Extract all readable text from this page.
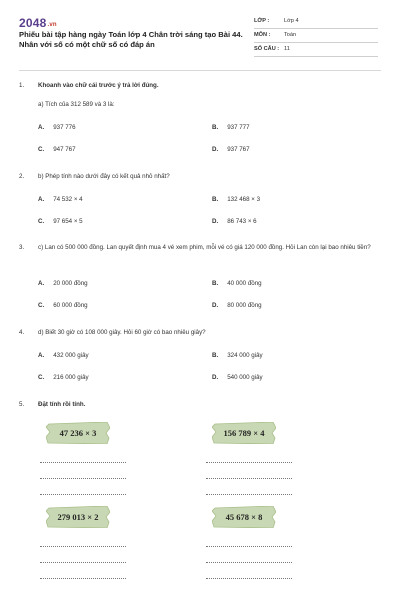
2048.vn
Phiếu bài tập hàng ngày Toán lớp 4 Chân trời sáng tạo Bài 44. Nhân với số có một chữ số có đáp án
LỚP :	Lớp 4
MÔN : Toán
SỐ CÂU : 11
1. Khoanh vào chữ cái trước ý trả lời đúng.
a) Tích của 312 589 và 3 là:
A. 937 776	B. 937 777
C. 947 767	D. 937 767
2. b) Phép tính nào dưới đây có kết quả nhỏ nhất?
A. 74 532 × 4	B. 132 468 × 3
C. 97 654 × 5	D. 86 743 × 6
3. c) Lan có 500 000 đồng. Lan quyết định mua 4 vé xem phim, mỗi vé có giá 120 000 đồng. Hỏi Lan còn lại bao nhiêu tiền?
A. 20 000 đồng	B. 40 000 đồng
C. 60 000 đồng	D. 80 000 đồng
4. d) Biết 30 giờ có 108 000 giây. Hỏi 60 giờ có bao nhiêu giây?
A. 432 000 giây	B. 324 000 giây
C. 216 000 giây	D. 540 000 giây
5. Đặt tính rồi tính.
47 236 × 3	156 789 × 4
279 013 × 2	45 678 × 8
